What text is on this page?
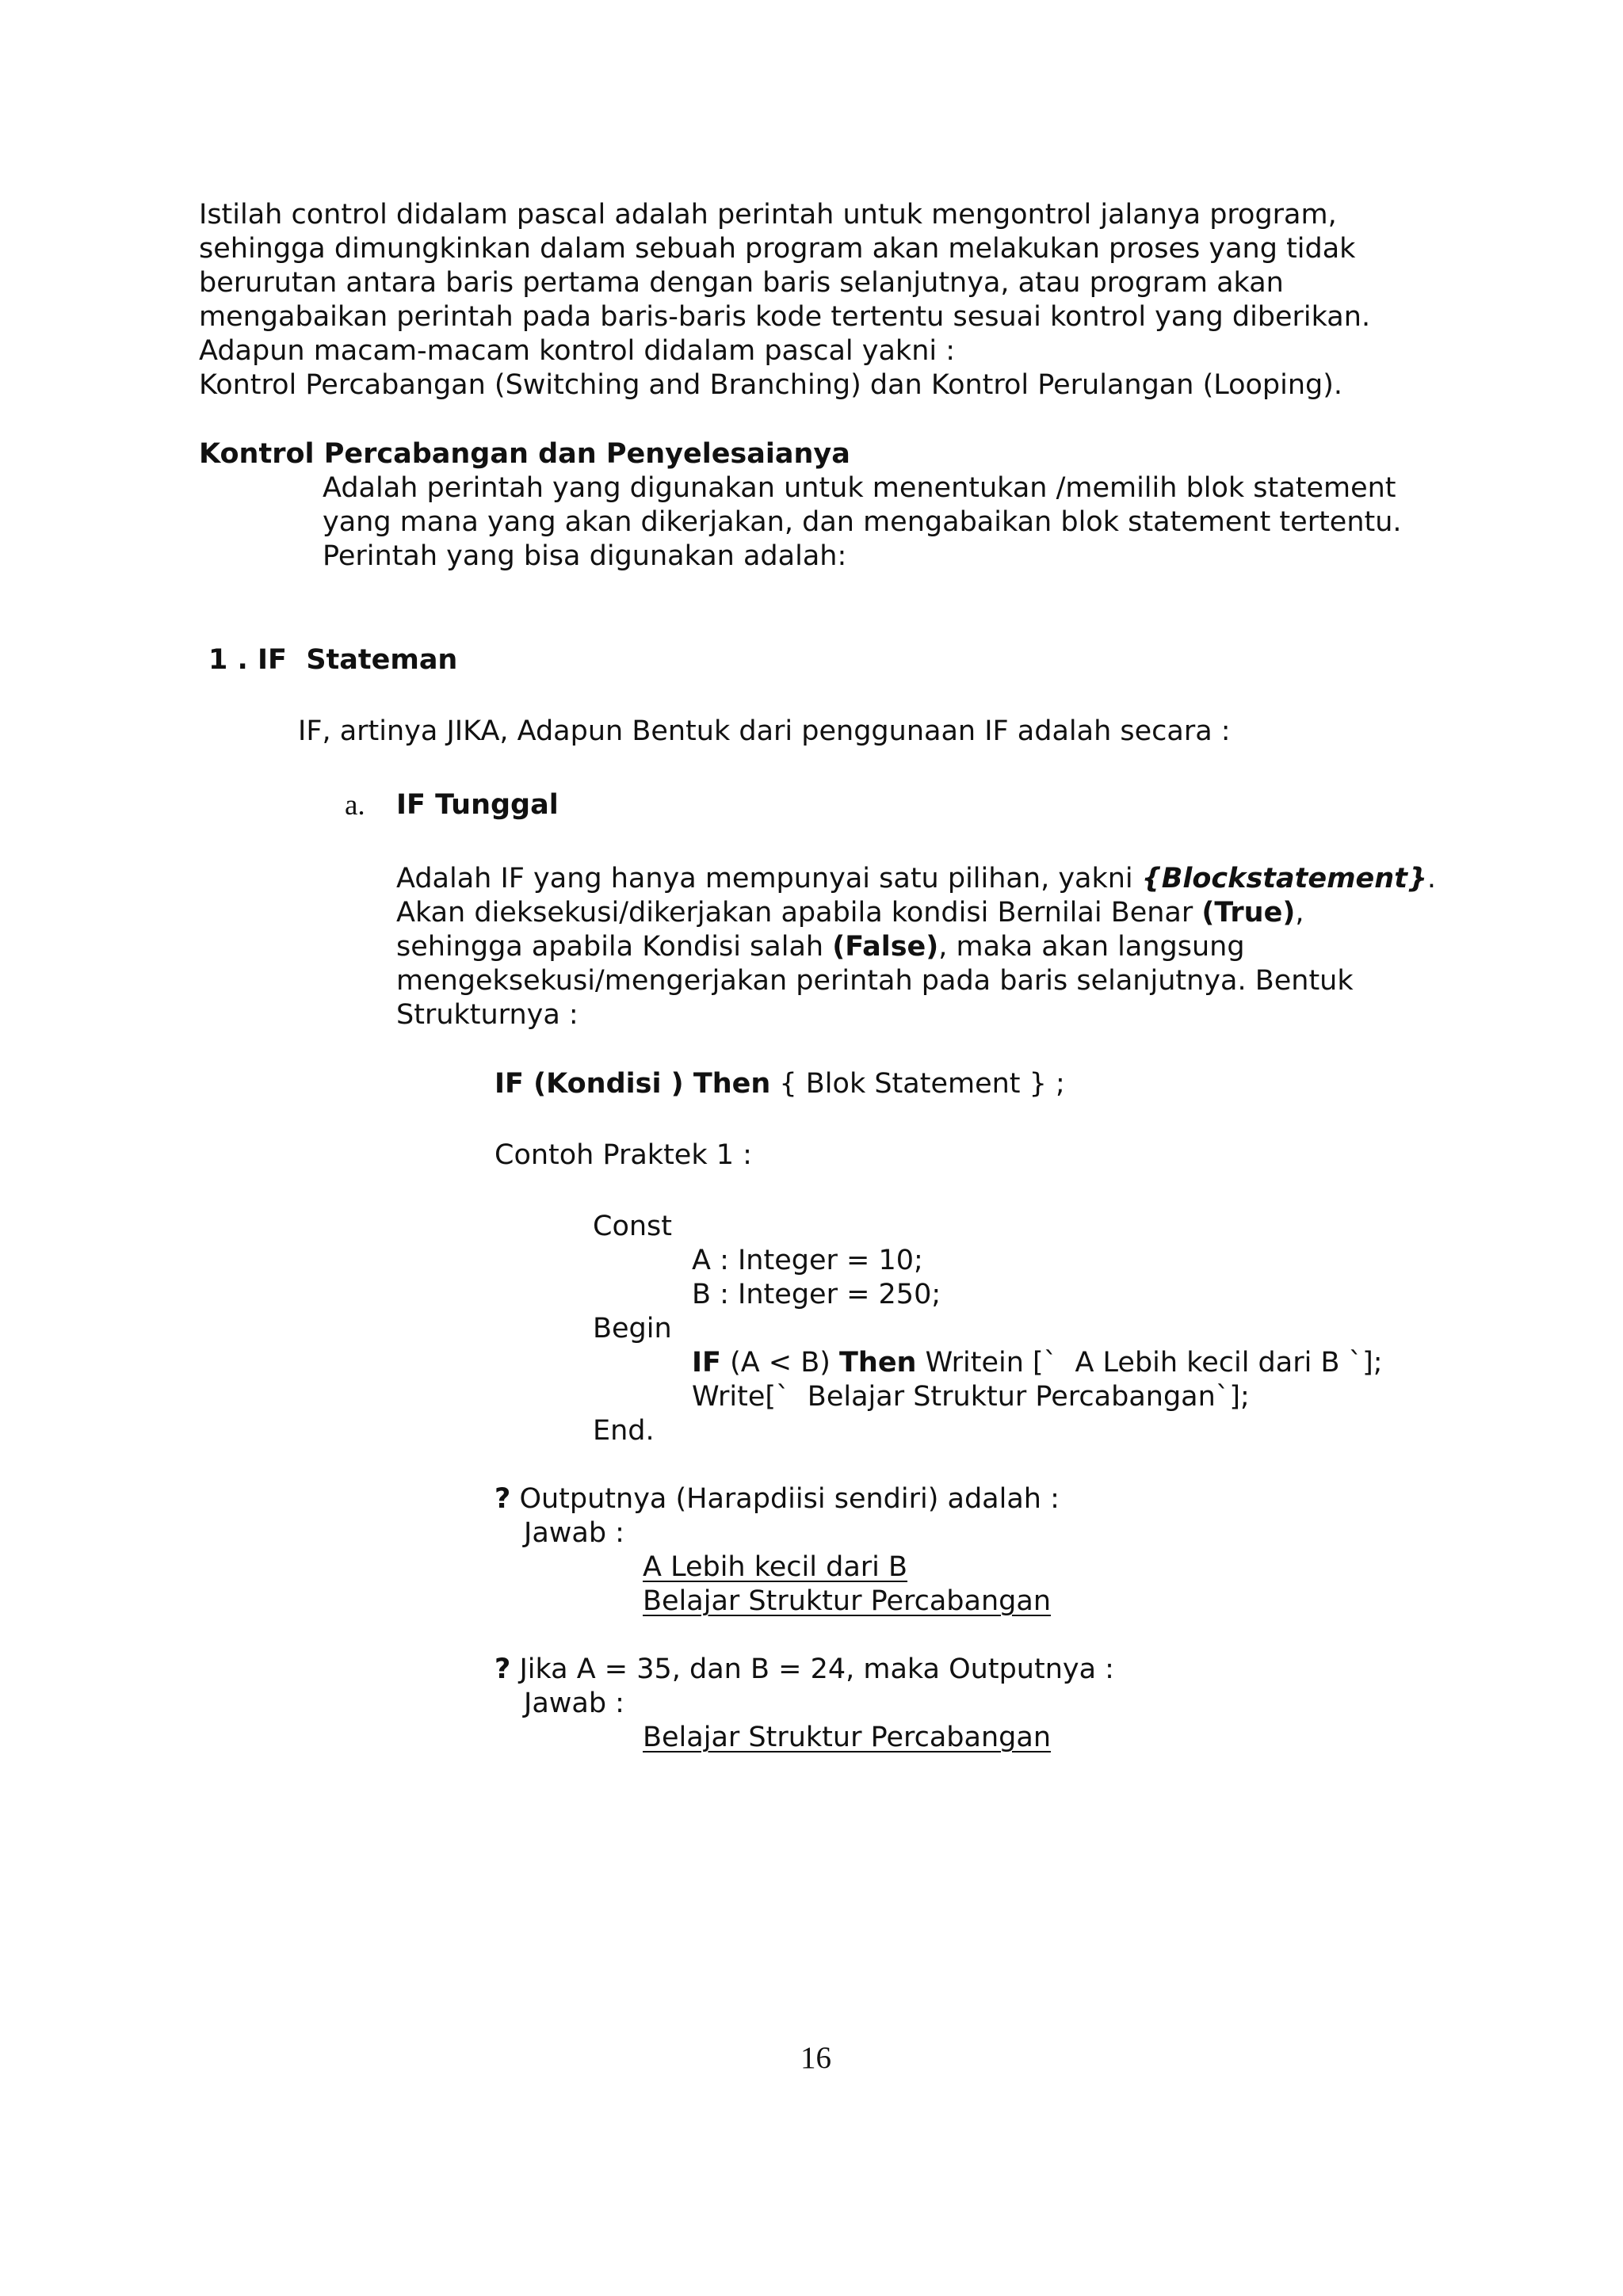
Istilah control didalam pascal adalah perintah untuk mengontrol jalanya program,

sehingga dimungkinkan dalam sebuah program akan melakukan proses yang tidak

berurutan antara baris pertama dengan baris selanjutnya, atau program akan

mengabaikan perintah pada baris-baris kode tertentu sesuai kontrol yang diberikan.

Adapun macam-macam kontrol didalam pascal yakni :

Kontrol Percabangan (Switching and Branching) dan Kontrol Perulangan (Looping).

Kontrol Percabangan dan Penyelesaianya

Adalah perintah yang digunakan untuk menentukan /memilih blok statement

yang mana yang akan dikerjakan, dan mengabaikan blok statement tertentu.

Perintah yang bisa digunakan adalah:

1 . IF  Stateman

IF, artinya JIKA, Adapun Bentuk dari penggunaan IF adalah secara :

a. IF Tunggal

Adalah IF yang hanya mempunyai satu pilihan, yakni {Blockstatement}.

Akan dieksekusi/dikerjakan apabila kondisi Bernilai Benar (True),

sehingga apabila Kondisi salah (False), maka akan langsung

mengeksekusi/mengerjakan perintah pada baris selanjutnya. Bentuk

Strukturnya :

IF (Kondisi ) Then { Blok Statement } ;

Contoh Praktek 1 :

Const

A : Integer = 10;

B : Integer = 250;

Begin

IF (A < B) Then Writein [`  A Lebih kecil dari B `];

Write[`  Belajar Struktur Percabangan`];

End.

? Outputnya (Harapdiisi sendiri) adalah :

Jawab :

A Lebih kecil dari B

Belajar Struktur Percabangan

? Jika A = 35, dan B = 24, maka Outputnya :

Jawab :

Belajar Struktur Percabangan

16
